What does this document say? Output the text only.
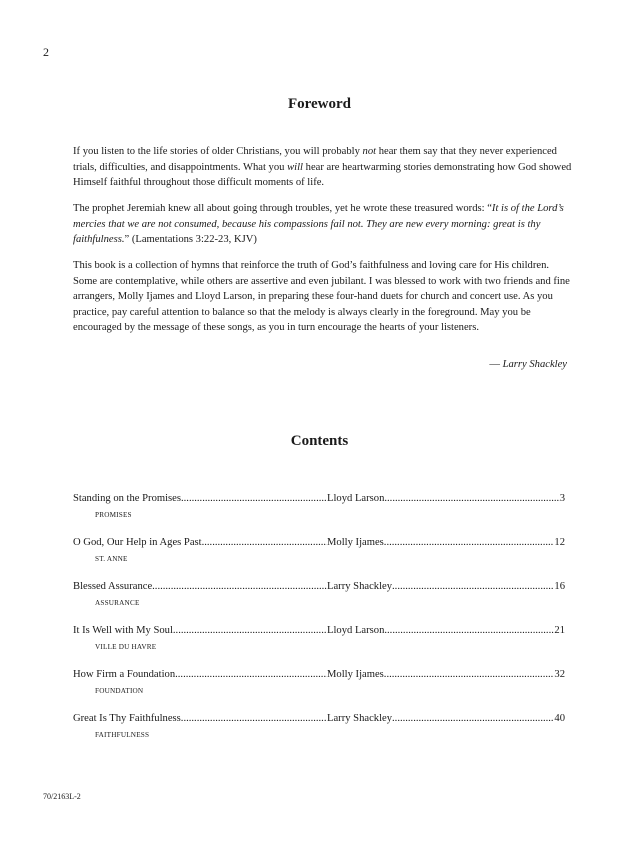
2
Foreword

If you listen to the life stories of older Christians, you will probably not hear them say that they never experienced trials, difficulties, and disappointments. What you will hear are heartwarming stories demonstrating how God showed Himself faithful throughout those difficult moments of life.

The prophet Jeremiah knew all about going through troubles, yet he wrote these treasured words: “It is of the Lord’s mercies that we are not consumed, because his compassions fail not. They are new every morning: great is thy faithfulness.” (Lamentations 3:22-23, KJV)

This book is a collection of hymns that reinforce the truth of God’s faithfulness and loving care for His children. Some are contemplative, while others are assertive and even jubilant. I was blessed to work with two friends and fine arrangers, Molly Ijames and Lloyd Larson, in preparing these four-hand duets for church and concert use. As you practice, pay careful attention to balance so that the melody is always clearly in the foreground. May you be encouraged by the message of these songs, as you in turn encourage the hearts of your listeners.

— Larry Shackley
Contents
Standing on the Promises .....	Lloyd Larson .....	3
PROMISES
O God, Our Help in Ages Past .....	Molly Ijames .....	12
ST. ANNE
Blessed Assurance .....	Larry Shackley .....	16
ASSURANCE
It Is Well with My Soul .....	Lloyd Larson .....	21
VILLE DU HAVRE
How Firm a Foundation .....	Molly Ijames .....	32
FOUNDATION
Great Is Thy Faithfulness .....	Larry Shackley .....	40
FAITHFULNESS
70/2163L-2
